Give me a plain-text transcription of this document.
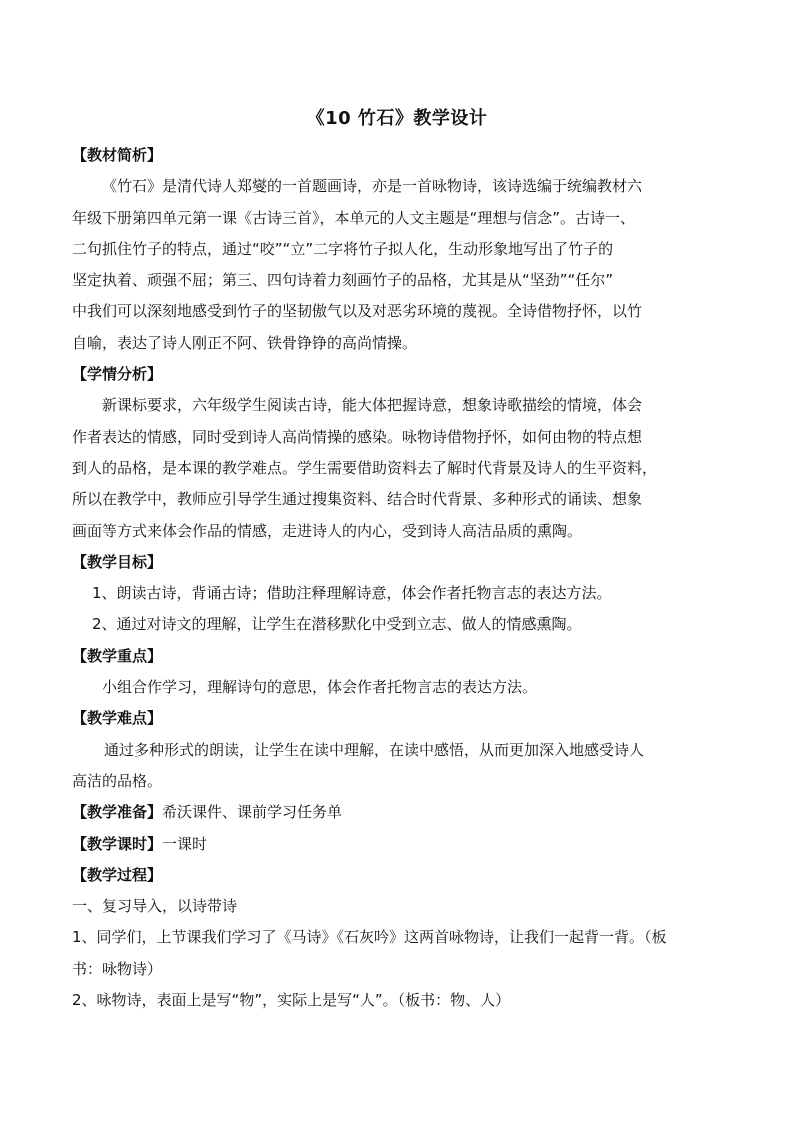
《10 竹石》教学设计

【教材简析】

《竹石》是清代诗人郑燮的一首题画诗，亦是一首咏物诗，该诗选编于统编教材六
年级下册第四单元第一课《古诗三首》，本单元的人文主题是“理想与信念”。古诗一、
二句抓住竹子的特点，通过“咬”“立”二字将竹子拟人化，生动形象地写出了竹子的
坚定执着、顽强不屈；第三、四句诗着力刻画竹子的品格，尤其是从“坚劲”“任尔”
中我们可以深刻地感受到竹子的坚韧傲气以及对恶劣环境的蔑视。全诗借物抒怀，以竹
自喻，表达了诗人刚正不阿、铁骨铮铮的高尚情操。

【学情分析】

新课标要求，六年级学生阅读古诗，能大体把握诗意，想象诗歌描绘的情境，体会
作者表达的情感，同时受到诗人高尚情操的感染。咏物诗借物抒怀，如何由物的特点想
到人的品格，是本课的教学难点。学生需要借助资料去了解时代背景及诗人的生平资料，
所以在教学中，教师应引导学生通过搜集资料、结合时代背景、多种形式的诵读、想象
画面等方式来体会作品的情感，走进诗人的内心，受到诗人高洁品质的熏陶。

【教学目标】

1、朗读古诗，背诵古诗；借助注释理解诗意，体会作者托物言志的表达方法。
2、通过对诗文的理解，让学生在潜移默化中受到立志、做人的情感熏陶。

【教学重点】

小组合作学习，理解诗句的意思，体会作者托物言志的表达方法。

【教学难点】

通过多种形式的朗读，让学生在读中理解，在读中感悟，从而更加深入地感受诗人
高洁的品格。

【教学准备】希沃课件、课前学习任务单

【教学课时】一课时

【教学过程】

一、复习导入，以诗带诗
1、同学们，上节课我们学习了《马诗》《石灰吟》这两首咏物诗，让我们一起背一背。（板
书：咏物诗）
2、咏物诗，表面上是写“物”，实际上是写“人”。（板书：物、人）
